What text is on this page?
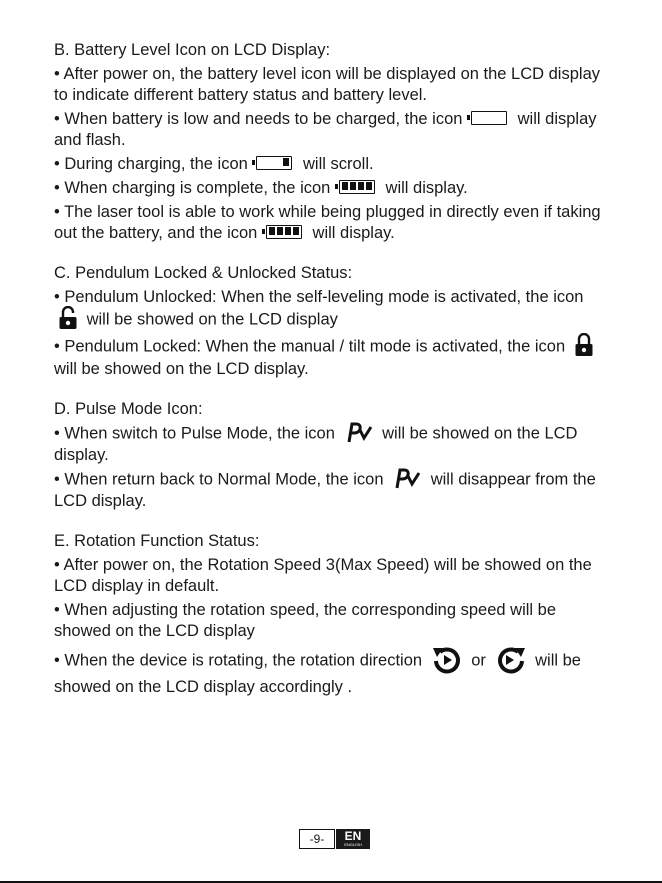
B. Battery Level Icon on LCD Display:

• After power on, the battery level icon will be displayed on the LCD display to indicate different battery status and battery level.

• When battery is low and needs to be charged, the icon	will display and flash.

• During charging, the icon	will scroll.

• When charging is complete, the icon	will display.

• The laser tool is able to work while being plugged in directly even if taking out the battery, and the icon	will display.

C. Pendulum Locked & Unlocked Status:

• Pendulum Unlocked: When the self-leveling mode is activated, the icon  will be showed on the LCD display

• Pendulum Locked: When the manual / tilt mode is activated, the icon  will be showed on the LCD display.

D. Pulse Mode Icon:

• When switch to Pulse Mode, the icon	will be showed on the LCD display.

• When return back to Normal Mode, the icon	will disappear from the LCD display.

E. Rotation Function Status:

• After power on, the Rotation Speed 3(Max Speed) will be showed on the LCD display in default.

• When adjusting the rotation speed, the corresponding speed will be showed on the LCD display

• When the device is rotating, the rotation direction	or	will be showed on the LCD display accordingly .

-9-	EN
ENGLISH
